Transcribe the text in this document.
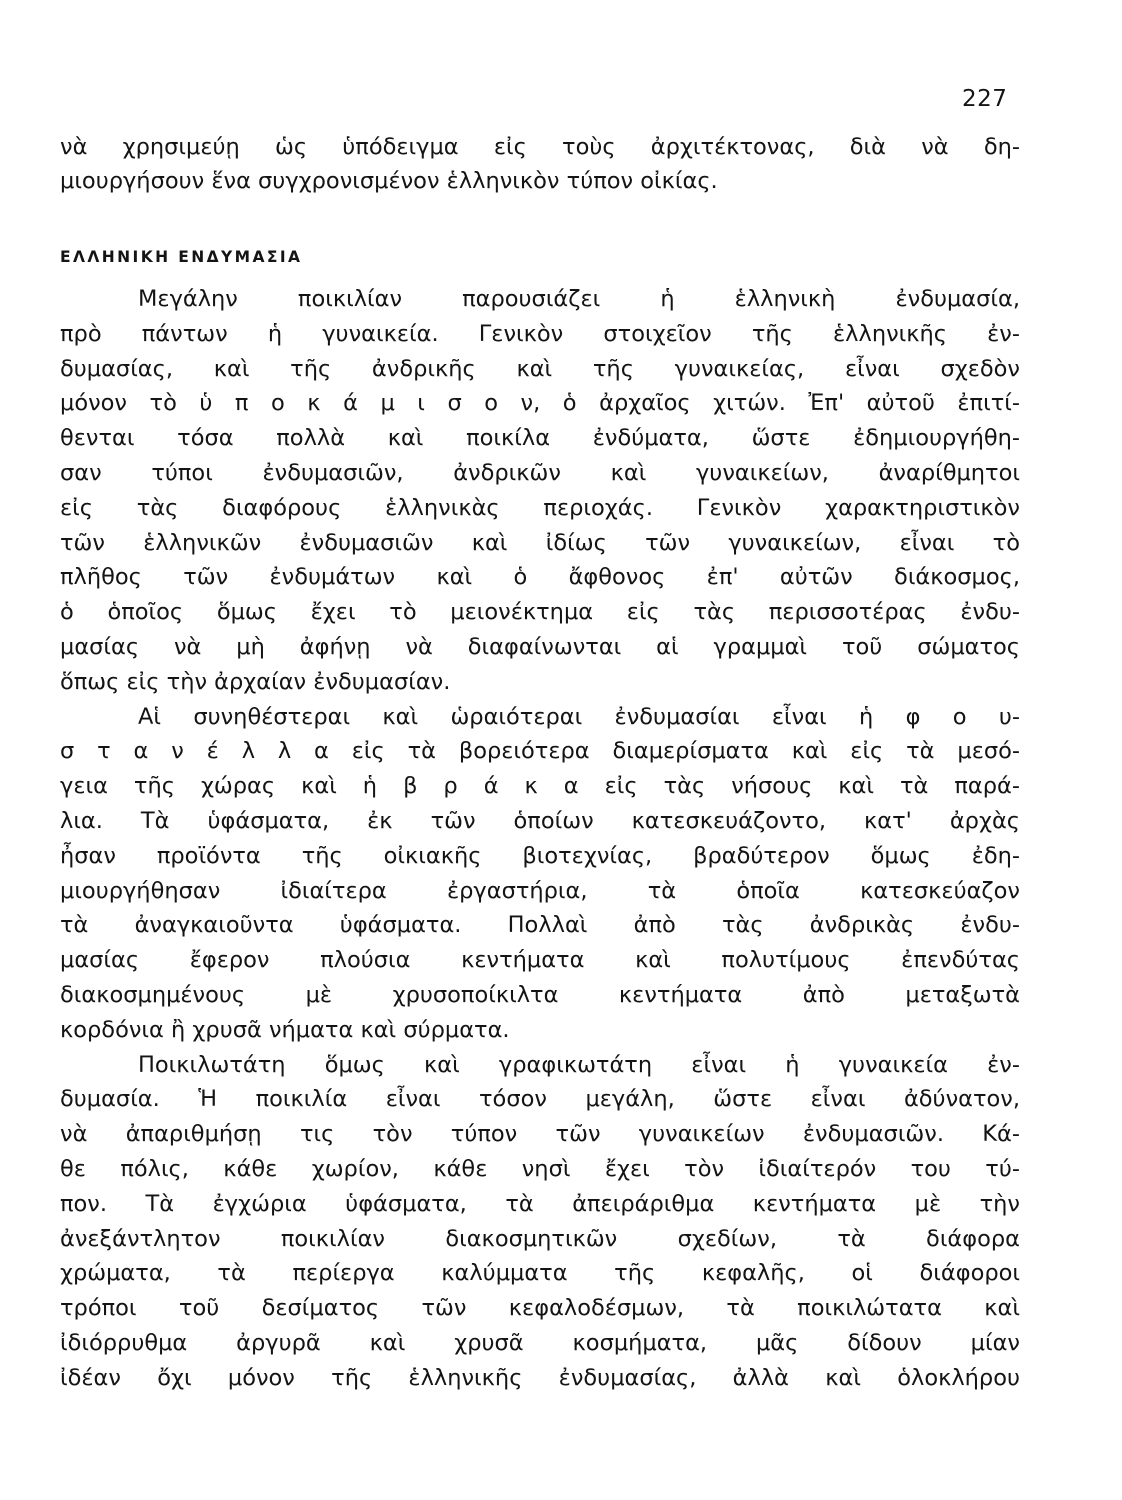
227
νὰ χρησιμεύῃ ὡς ὑπόδειγμα εἰς τοὺς ἀρχιτέκτονας, διὰ νὰ δη-
μιουργήσουν ἕνα συγχρονισμένον ἑλληνικὸν τύπον οἰκίας.
ΕΛΛΗΝΙΚΗ ΕΝΔΥΜΑΣΙΑ
Μεγάλην ποικιλίαν παρουσιάζει ἡ ἑλληνικὴ ἐνδυμασία,
πρὸ πάντων ἡ γυναικεία. Γενικὸν στοιχεῖον τῆς ἑλληνικῆς ἐν-
δυμασίας, καὶ τῆς ἀνδρικῆς καὶ τῆς γυναικείας, εἶναι σχεδὸν
μόνον τὸ ὑ π ο κ ά μ ι σ ο ν, ὁ ἀρχαῖος χιτών. Ἐπ' αὐτοῦ ἐπιτί-
θενται τόσα πολλὰ καὶ ποικίλα ἐνδύματα, ὥστε ἐδημιουργήθη-
σαν τύποι ἐνδυμασιῶν, ἀνδρικῶν καὶ γυναικείων, ἀναρίθμητοι
εἰς τὰς διαφόρους ἑλληνικὰς περιοχάς. Γενικὸν χαρακτηριστικὸν
τῶν ἑλληνικῶν ἐνδυμασιῶν καὶ ἰδίως τῶν γυναικείων, εἶναι τὸ
πλῆθος τῶν ἐνδυμάτων καὶ ὁ ἄφθονος ἐπ' αὐτῶν διάκοσμος,
ὁ ὁποῖος ὅμως ἔχει τὸ μειονέκτημα εἰς τὰς περισσοτέρας ἐνδυ-
μασίας νὰ μὴ ἀφήνῃ νὰ διαφαίνωνται αἱ γραμμαὶ τοῦ σώματος
ὅπως εἰς τὴν ἀρχαίαν ἐνδυμασίαν.
Αἱ συνηθέστεραι καὶ ὡραιότεραι ἐνδυμασίαι εἶναι ἡ φ ο υ-
σ τ α ν έ λ λ α εἰς τὰ βορειότερα διαμερίσματα καὶ εἰς τὰ μεσό-
γεια τῆς χώρας καὶ ἡ β ρ ά κ α εἰς τὰς νήσους καὶ τὰ παρά-
λια. Τὰ ὑφάσματα, ἐκ τῶν ὁποίων κατεσκευάζοντο, κατ' ἀρχὰς
ἦσαν προϊόντα τῆς οἰκιακῆς βιοτεχνίας, βραδύτερον ὅμως ἐδη-
μιουργήθησαν ἰδιαίτερα ἐργαστήρια, τὰ ὁποῖα κατεσκεύαζον
τὰ ἀναγκαιοῦντα ὑφάσματα. Πολλαὶ ἀπὸ τὰς ἀνδρικὰς ἐνδυ-
μασίας ἔφερον πλούσια κεντήματα καὶ πολυτίμους ἐπενδύτας
διακοσμημένους μὲ χρυσοποίκιλτα κεντήματα ἀπὸ μεταξωτὰ
κορδόνια ἢ χρυσᾶ νήματα καὶ σύρματα.
Ποικιλωτάτη ὅμως καὶ γραφικωτάτη εἶναι ἡ γυναικεία ἐν-
δυμασία. Ἡ ποικιλία εἶναι τόσον μεγάλη, ὥστε εἶναι ἀδύνατον,
νὰ ἀπαριθμήσῃ τις τὸν τύπον τῶν γυναικείων ἐνδυμασιῶν. Κά-
θε πόλις, κάθε χωρίον, κάθε νησὶ ἔχει τὸν ἰδιαίτερόν του τύ-
πον. Τὰ ἐγχώρια ὑφάσματα, τὰ ἀπειράριθμα κεντήματα μὲ τὴν
ἀνεξάντλητον ποικιλίαν διακοσμητικῶν σχεδίων, τὰ διάφορα
χρώματα, τὰ περίεργα καλύμματα τῆς κεφαλῆς, οἱ διάφοροι
τρόποι τοῦ δεσίματος τῶν κεφαλοδέσμων, τὰ ποικιλώτατα καὶ
ἰδιόρρυθμα ἀργυρᾶ καὶ χρυσᾶ κοσμήματα, μᾶς δίδουν μίαν
ἰδέαν ὄχι μόνον τῆς ἑλληνικῆς ἐνδυμασίας, ἀλλὰ καὶ ὁλοκλήρου
